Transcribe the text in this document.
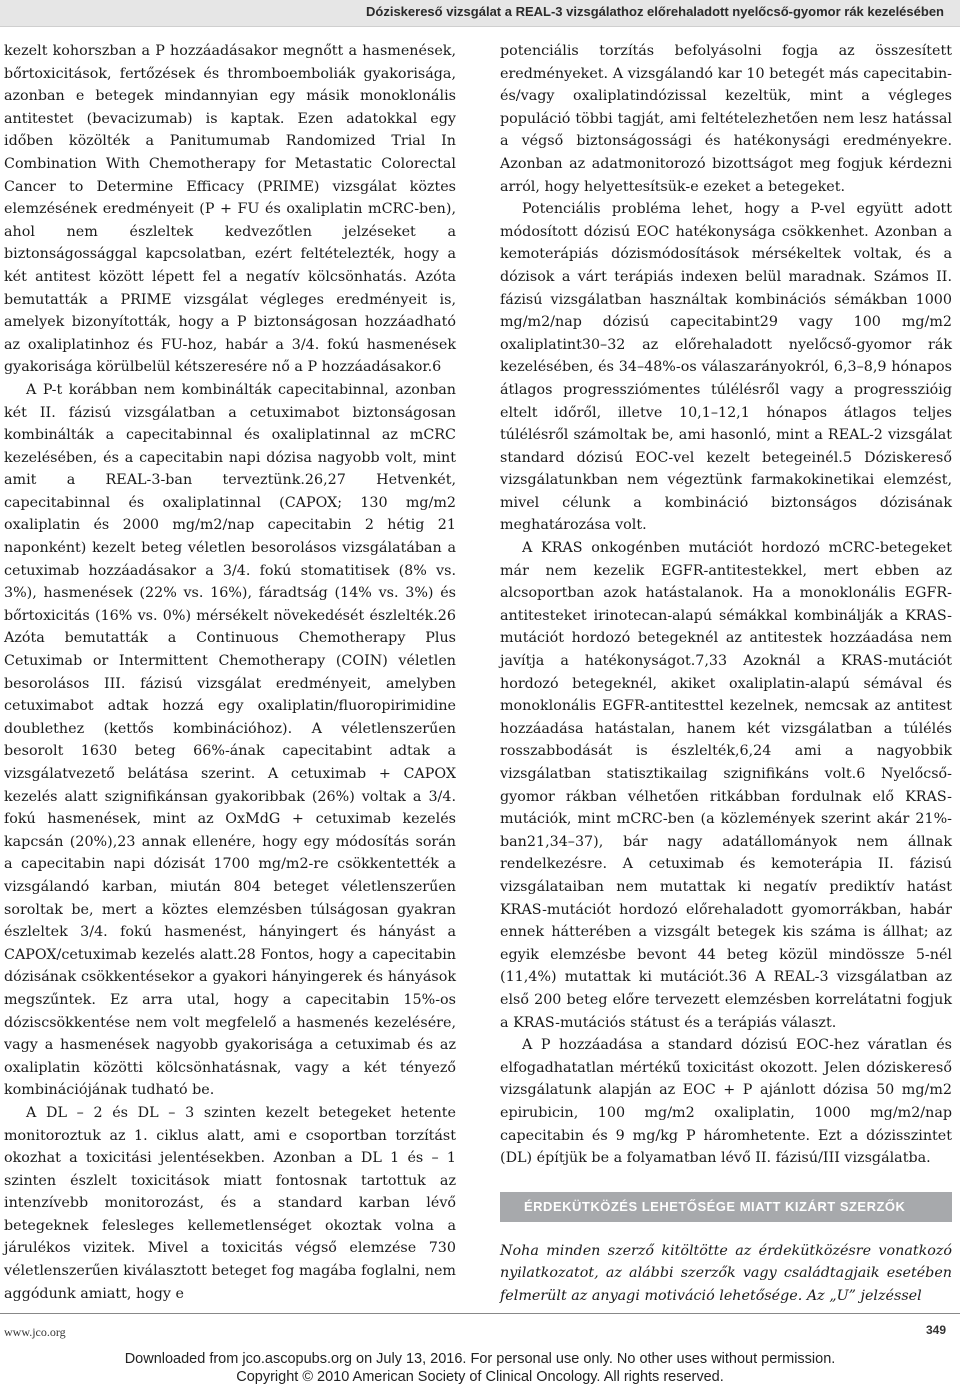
Dóziskereső vizsgálat a REAL-3 vizsgálathoz előrehaladott nyelőcső-gyomor rák kezelésében

kezelt kohorszban a P hozzáadásakor megnőtt a hasmenések, bőrtoxicitások, fertőzések és thromboemboliák gyakorisága, azonban e betegek mindannyian egy másik monoklonális antitestet (bevacizumab) is kaptak. Ezen adatokkal egy időben közölték a Panitumumab Randomized Trial In Combination With Chemotherapy for Metastatic Colorectal Cancer to Determine Efficacy (PRIME) vizsgálat köztes elemzésének eredményeit (P + FU és oxaliplatin mCRC-ben), ahol nem észleltek kedvezőtlen jelzéseket a biztonságossággal kapcsolatban, ezért feltételezték, hogy a két antitest között lépett fel a negatív kölcsönhatás. Azóta bemutatták a PRIME vizsgálat végleges eredményeit is, amelyek bizonyították, hogy a P biztonságosan hozzáadható az oxaliplatinhoz és FU-hoz, habár a 3/4. fokú hasmenések gyakorisága körülbelül kétszeresére nő a P hozzáadásakor.6

A P-t korábban nem kombinálták capecitabinnal, azonban két II. fázisú vizsgálatban a cetuximabot biztonságosan kombinálták a capecitabinnal és oxaliplatinnal az mCRC kezelésében, és a capecitabin napi dózisa nagyobb volt, mint amit a REAL-3-ban terveztünk.26,27 Hetvenkét, capecitabinnal és oxaliplatinnal (CAPOX; 130 mg/m2 oxaliplatin és 2000 mg/m2/nap capecitabin 2 hétig 21 naponként) kezelt beteg véletlen besorolásos vizsgálatában a cetuximab hozzáadásakor a 3/4. fokú stomatitisek (8% vs. 3%), hasmenések (22% vs. 16%), fáradtság (14% vs. 3%) és bőrtoxicitás (16% vs. 0%) mérsékelt növekedését észlelték.26 Azóta bemutatták a Continuous Chemotherapy Plus Cetuximab or Intermittent Chemotherapy (COIN) véletlen besorolásos III. fázisú vizsgálat eredményeit, amelyben cetuximabot adtak hozzá egy oxaliplatin/fluoropirimidine doublethez (kettős kombinációhoz). A véletlenszerűen besorolt 1630 beteg 66%-ának capecitabint adtak a vizsgálatvezető belátása szerint. A cetuximab + CAPOX kezelés alatt szignifikánsan gyakoribbak (26%) voltak a 3/4. fokú hasmenések, mint az OxMdG + cetuximab kezelés kapcsán (20%),23 annak ellenére, hogy egy módosítás során a capecitabin napi dózisát 1700 mg/m2-re csökkentették a vizsgálandó karban, miután 804 beteget véletlenszerűen soroltak be, mert a köztes elemzésben túlságosan gyakran észleltek 3/4. fokú hasmenést, hányingert és hányást a CAPOX/cetuximab kezelés alatt.28 Fontos, hogy a capecitabin dózisának csökkentésekor a gyakori hányingerek és hányások megszűntek. Ez arra utal, hogy a capecitabin 15%-os dóziscsökkentése nem volt megfelelő a hasmenés kezelésére, vagy a hasmenések nagyobb gyakorisága a cetuximab és az oxaliplatin közötti kölcsönhatásnak, vagy a két tényező kombinációjának tudható be.

A DL – 2 és DL – 3 szinten kezelt betegeket hetente monitoroztuk az 1. ciklus alatt, ami e csoportban torzítást okozhat a toxicitási jelentésekben. Azonban a DL 1 és – 1 szinten észlelt toxicitások miatt fontosnak tartottuk az intenzívebb monitorozást, és a standard karban lévő betegeknek felesleges kellemetlenséget okoztak volna a járulékos vizitek. Mivel a toxicitás végső elemzése 730 véletlenszerűen kiválasztott beteget fog magába foglalni, nem aggódunk amiatt, hogy e

potenciális torzítás befolyásolni fogja az összesített eredményeket. A vizsgálandó kar 10 betegét más capecitabin- és/vagy oxaliplatindózissal kezeltük, mint a végleges populáció többi tagját, ami feltételezhetően nem lesz hatással a végső biztonságossági és hatékonysági eredményekre. Azonban az adatmonitorozó bizottságot meg fogjuk kérdezni arról, hogy helyettesítsük-e ezeket a betegeket.

Potenciális probléma lehet, hogy a P-vel együtt adott módosított dózisú EOC hatékonysága csökkenhet. Azonban a kemoterápiás dózismódosítások mérsékeltek voltak, és a dózisok a várt terápiás indexen belül maradnak. Számos II. fázisú vizsgálatban használtak kombinációs sémákban 1000 mg/m2/nap dózisú capecitabint29 vagy 100 mg/m2 oxaliplatint30–32 az előrehaladott nyelőcső-gyomor rák kezelésében, és 34–48%-os válaszarányokról, 6,3–8,9 hónapos átlagos progressziómentes túlélésről vagy a progresszióig eltelt időről, illetve 10,1–12,1 hónapos átlagos teljes túlélésről számoltak be, ami hasonló, mint a REAL-2 vizsgálat standard dózisú EOC-vel kezelt betegeinél.5 Dóziskereső vizsgálatunkban nem végeztünk farmakokinetikai elemzést, mivel célunk a kombináció biztonságos dózisának meghatározása volt.

A KRAS onkogénben mutációt hordozó mCRC-betegeket már nem kezelik EGFR-antitestekkel, mert ebben az alcsoportban azok hatástalanok. Ha a monoklonális EGFR-antitesteket irinotecan-alapú sémákkal kombinálják a KRAS-mutációt hordozó betegeknél az antitestek hozzáadása nem javítja a hatékonyságot.7,33 Azoknál a KRAS-mutációt hordozó betegeknél, akiket oxaliplatin-alapú sémával és monoklonális EGFR-antitesttel kezelnek, nemcsak az antitest hozzáadása hatástalan, hanem két vizsgálatban a túlélés rosszabbodását is észlelték,6,24 ami a nagyobbik vizsgálatban statisztikailag szignifikáns volt.6 Nyelőcső-gyomor rákban vélhetően ritkábban fordulnak elő KRAS-mutációk, mint mCRC-ben (a közlemények szerint akár 21%-ban21,34–37), bár nagy adatállományok nem állnak rendelkezésre. A cetuximab és kemoterápia II. fázisú vizsgálataiban nem mutattak ki negatív prediktív hatást KRAS-mutációt hordozó előrehaladott gyomorrákban, habár ennek hátterében a vizsgált betegek kis száma is állhat; az egyik elemzésbe bevont 44 beteg közül mindössze 5-nél (11,4%) mutattak ki mutációt.36 A REAL-3 vizsgálatban az első 200 beteg előre tervezett elemzésben korrelátatni fogjuk a KRAS-mutációs státust és a terápiás választ.

A P hozzáadása a standard dózisú EOC-hez váratlan és elfogadhatatlan mértékű toxicitást okozott. Jelen dóziskereső vizsgálatunk alapján az EOC + P ajánlott dózisa 50 mg/m2 epirubicin, 100 mg/m2 oxaliplatin, 1000 mg/m2/nap capecitabin és 9 mg/kg P háromhetente. Ezt a dózisszintet (DL) építjük be a folyamatban lévő II. fázisú/III vizsgálatba.

ÉRDEKÜTKÖZÉS LEHETŐSÉGE MIATT KIZÁRT SZERZŐK

Noha minden szerző kitöltötte az érdekütközésre vonatkozó nyilatkozatot, az alábbi szerzők vagy családtagjaik esetében felmerült az anyagi motiváció lehetősége. Az „U” jelzéssel

www.jco.org	349
Downloaded from jco.ascopubs.org on July 13, 2016. For personal use only. No other uses without permission.
Copyright © 2010 American Society of Clinical Oncology. All rights reserved.
